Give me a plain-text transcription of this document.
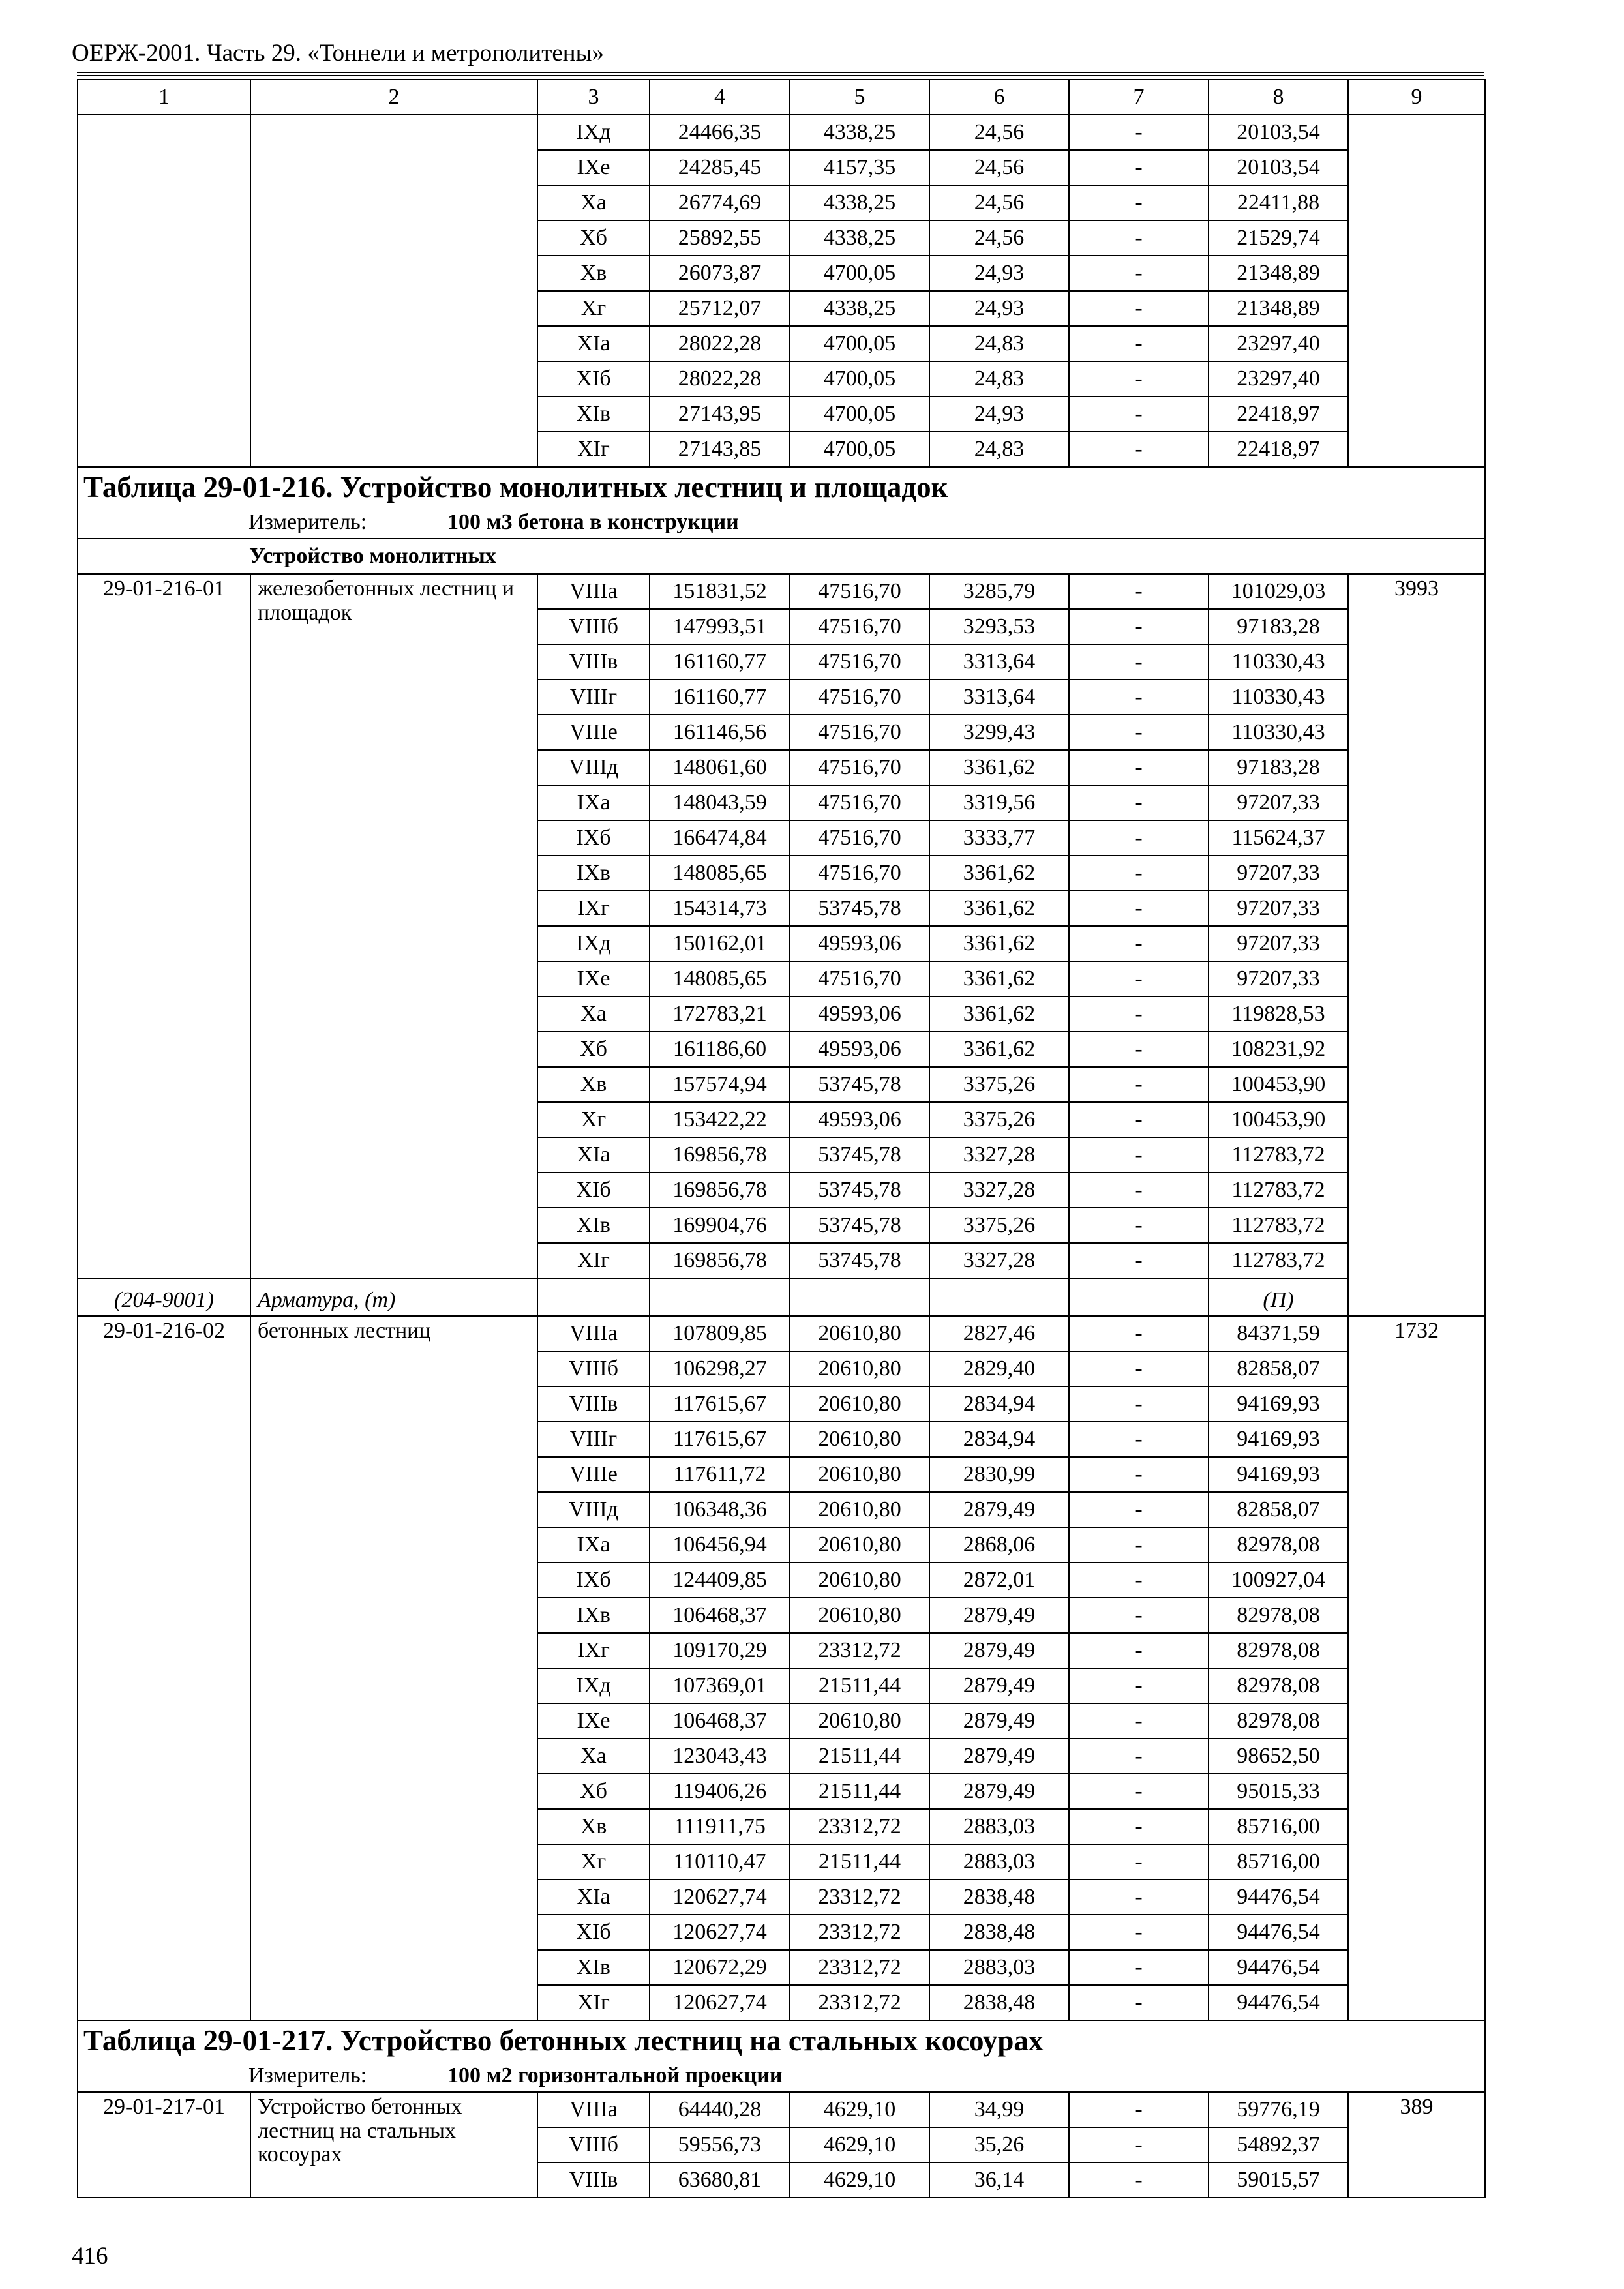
ОЕРЖ-2001. Часть 29. «Тоннели и метрополитены»
1	2	3	4	5	6	7	8	9
		IXд	24466,35	4338,25	24,56	-	20103,54	
		IXе	24285,45	4157,35	24,56	-	20103,54	
		Xа	26774,69	4338,25	24,56	-	22411,88	
		Xб	25892,55	4338,25	24,56	-	21529,74	
		Xв	26073,87	4700,05	24,93	-	21348,89	
		Xг	25712,07	4338,25	24,93	-	21348,89	
		XIа	28022,28	4700,05	24,83	-	23297,40	
		XIб	28022,28	4700,05	24,83	-	23297,40	
		XIв	27143,95	4700,05	24,93	-	22418,97	
		XIг	27143,85	4700,05	24,83	-	22418,97	
Таблица 29-01-216. Устройство монолитных лестниц и площадок								
Измеритель: 100 м3 бетона в конструкции								
Устройство монолитных								
29-01-216-01	железобетонных лестниц и площадок	VIIIа	151831,52	47516,70	3285,79	-	101029,03	3993
		VIIIб	147993,51	47516,70	3293,53	-	97183,28	
		VIIIв	161160,77	47516,70	3313,64	-	110330,43	
		VIIIг	161160,77	47516,70	3313,64	-	110330,43	
		VIIIе	161146,56	47516,70	3299,43	-	110330,43	
		VIIIд	148061,60	47516,70	3361,62	-	97183,28	
		IXа	148043,59	47516,70	3319,56	-	97207,33	
		IXб	166474,84	47516,70	3333,77	-	115624,37	
		IXв	148085,65	47516,70	3361,62	-	97207,33	
		IXг	154314,73	53745,78	3361,62	-	97207,33	
		IXд	150162,01	49593,06	3361,62	-	97207,33	
		IXе	148085,65	47516,70	3361,62	-	97207,33	
		Xа	172783,21	49593,06	3361,62	-	119828,53	
		Xб	161186,60	49593,06	3361,62	-	108231,92	
		Xв	157574,94	53745,78	3375,26	-	100453,90	
		Xг	153422,22	49593,06	3375,26	-	100453,90	
		XIа	169856,78	53745,78	3327,28	-	112783,72	
		XIб	169856,78	53745,78	3327,28	-	112783,72	
		XIв	169904,76	53745,78	3375,26	-	112783,72	
		XIг	169856,78	53745,78	3327,28	-	112783,72	
(204-9001)	Арматура, (т)						(П)	
29-01-216-02	бетонных лестниц	VIIIа	107809,85	20610,80	2827,46	-	84371,59	1732
		VIIIб	106298,27	20610,80	2829,40	-	82858,07	
		VIIIв	117615,67	20610,80	2834,94	-	94169,93	
		VIIIг	117615,67	20610,80	2834,94	-	94169,93	
		VIIIе	117611,72	20610,80	2830,99	-	94169,93	
		VIIIд	106348,36	20610,80	2879,49	-	82858,07	
		IXа	106456,94	20610,80	2868,06	-	82978,08	
		IXб	124409,85	20610,80	2872,01	-	100927,04	
		IXв	106468,37	20610,80	2879,49	-	82978,08	
		IXг	109170,29	23312,72	2879,49	-	82978,08	
		IXд	107369,01	21511,44	2879,49	-	82978,08	
		IXе	106468,37	20610,80	2879,49	-	82978,08	
		Xа	123043,43	21511,44	2879,49	-	98652,50	
		Xб	119406,26	21511,44	2879,49	-	95015,33	
		Xв	111911,75	23312,72	2883,03	-	85716,00	
		Xг	110110,47	21511,44	2883,03	-	85716,00	
		XIа	120627,74	23312,72	2838,48	-	94476,54	
		XIб	120627,74	23312,72	2838,48	-	94476,54	
		XIв	120672,29	23312,72	2883,03	-	94476,54	
		XIг	120627,74	23312,72	2838,48	-	94476,54	
Таблица 29-01-217. Устройство бетонных лестниц на стальных косоурах								
Измеритель: 100 м2 горизонтальной проекции								
29-01-217-01	Устройство бетонных лестниц на стальных косоурах	VIIIа	64440,28	4629,10	34,99	-	59776,19	389
		VIIIб	59556,73	4629,10	35,26	-	54892,37	
		VIIIв	63680,81	4629,10	36,14	-	59015,57	
416
